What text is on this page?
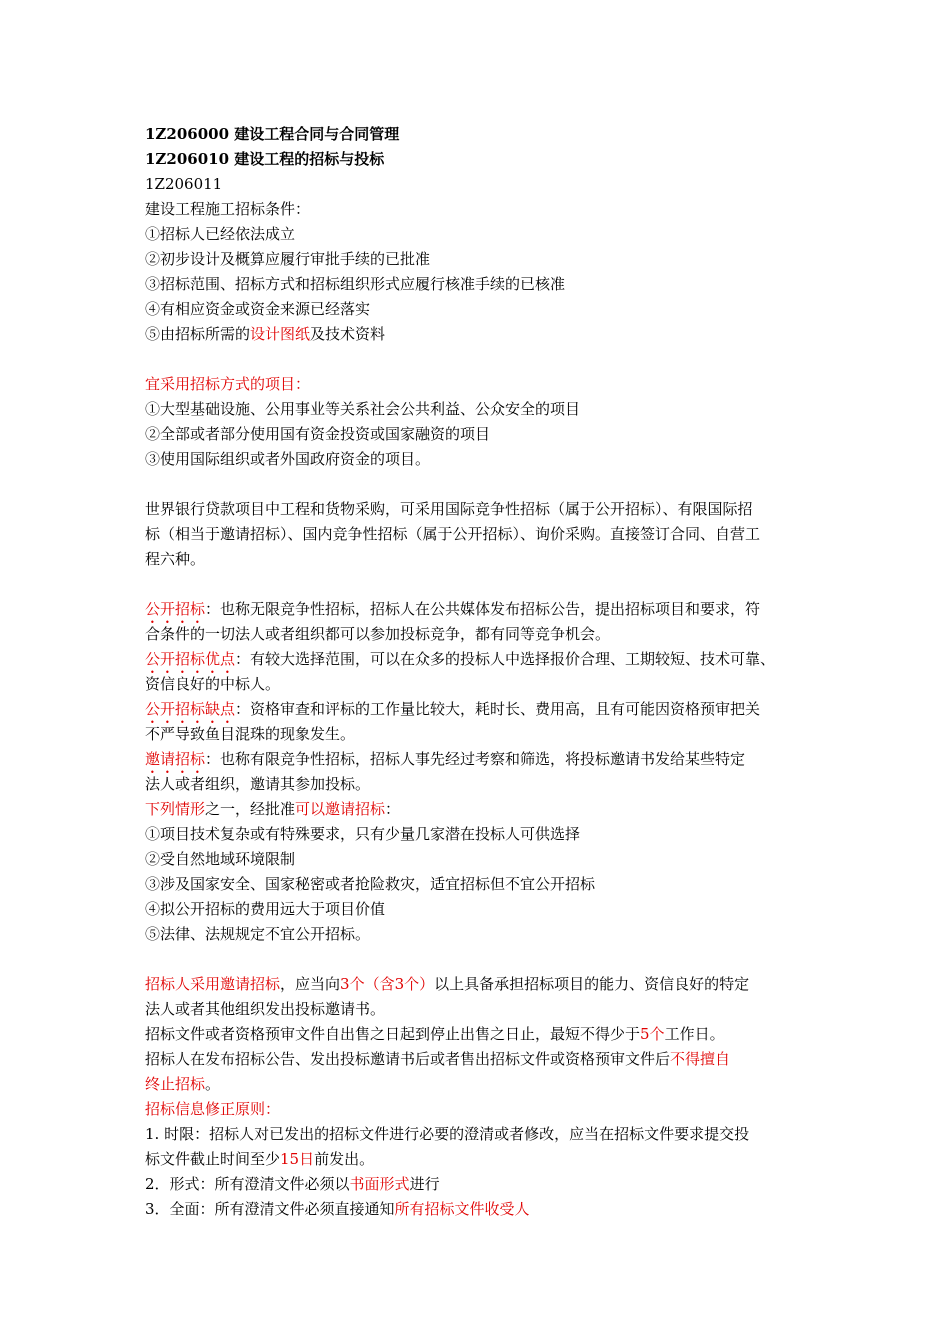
1Z206000 建设工程合同与合同管理
1Z206010 建设工程的招标与投标
1Z206011
建设工程施工招标条件：
①招标人已经依法成立
②初步设计及概算应履行审批手续的已批准
③招标范围、招标方式和招标组织形式应履行核准手续的已核准
④有相应资金或资金来源已经落实
⑤由招标所需的设计图纸及技术资料
宜采用招标方式的项目：
①大型基础设施、公用事业等关系社会公共利益、公众安全的项目
②全部或者部分使用国有资金投资或国家融资的项目
③使用国际组织或者外国政府资金的项目。
世界银行贷款项目中工程和货物采购，可采用国际竞争性招标（属于公开招标）、有限国际招
标（相当于邀请招标）、国内竞争性招标（属于公开招标）、询价采购。直接签订合同、自营工
程六种。
公开招标：也称无限竞争性招标，招标人在公共媒体发布招标公告，提出招标项目和要求，符
合条件的一切法人或者组织都可以参加投标竞争，都有同等竞争机会。
公开招标优点：有较大选择范围，可以在众多的投标人中选择报价合理、工期较短、技术可靠、
资信良好的中标人。
公开招标缺点：资格审查和评标的工作量比较大，耗时长、费用高，且有可能因资格预审把关
不严导致鱼目混珠的现象发生。
邀请招标：也称有限竞争性招标，招标人事先经过考察和筛选，将投标邀请书发给某些特定
法人或者组织，邀请其参加投标。
下列情形之一，经批准可以邀请招标：
①项目技术复杂或有特殊要求，只有少量几家潜在投标人可供选择
②受自然地域环境限制
③涉及国家安全、国家秘密或者抢险救灾，适宜招标但不宜公开招标
④拟公开招标的费用远大于项目价值
⑤法律、法规规定不宜公开招标。
招标人采用邀请招标，应当向3个（含3个）以上具备承担招标项目的能力、资信良好的特定
法人或者其他组织发出投标邀请书。
招标文件或者资格预审文件自出售之日起到停止出售之日止，最短不得少于5个工作日。
招标人在发布招标公告、发出投标邀请书后或者售出招标文件或资格预审文件后不得擅自
终止招标。
招标信息修正原则：
1. 时限：招标人对已发出的招标文件进行必要的澄清或者修改，应当在招标文件要求提交投
标文件截止时间至少15日前发出。
2．形式：所有澄清文件必须以书面形式进行
3．全面：所有澄清文件必须直接通知所有招标文件收受人
